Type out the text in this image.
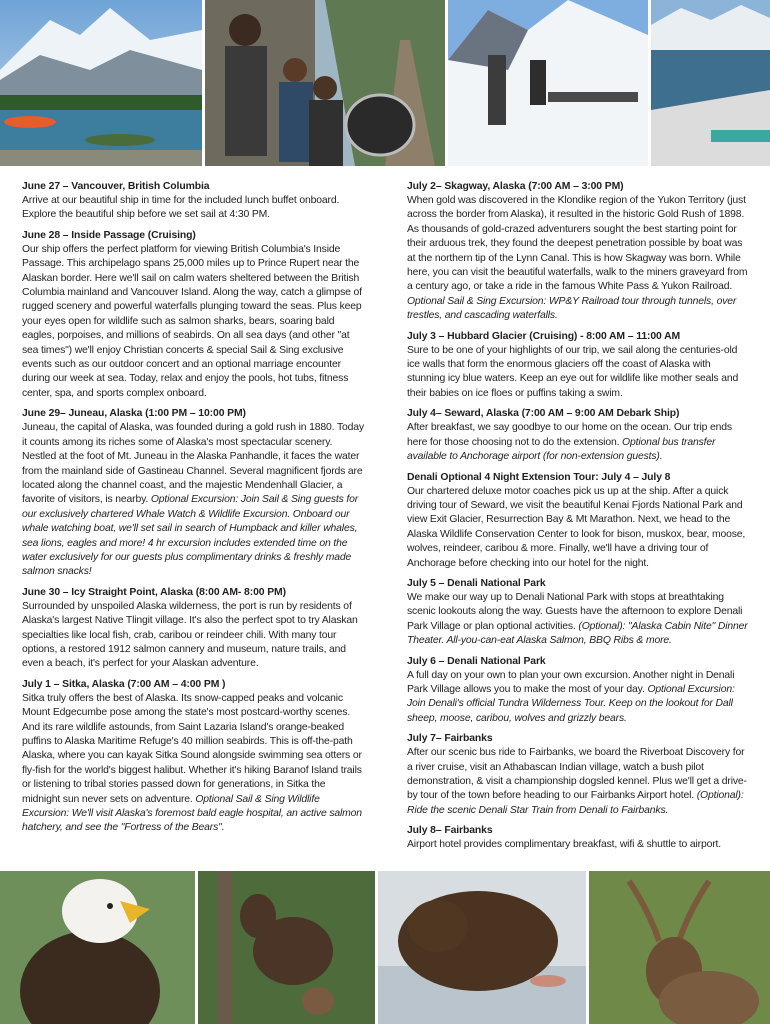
June 27 – Vancouver, British Columbia

Arrive at our beautiful ship in time for the included lunch buffet onboard. Explore the beautiful ship before we set sail at 4:30 PM.

June 28 – Inside Passage (Cruising)

Our ship offers the perfect platform for viewing British Columbia's Inside Passage. This archipelago spans 25,000 miles up to Prince Rupert near the Alaskan border. Here we'll sail on calm waters sheltered between the British Columbia mainland and Vancouver Island. Along the way, catch a glimpse of rugged scenery and powerful waterfalls plunging toward the seas. Plus keep your eyes open for wildlife such as salmon sharks, bears, soaring bald eagles, porpoises, and millions of seabirds. On all sea days (and other "at sea times") we'll enjoy Christian concerts & special Sail & Sing exclusive events such as our outdoor concert and an optional marriage encounter during our week at sea. Today, relax and enjoy the pools, hot tubs, fitness center, spa, and sports complex onboard.

June 29– Juneau, Alaska (1:00 PM – 10:00 PM)

Juneau, the capital of Alaska, was founded during a gold rush in 1880. Today it counts among its riches some of Alaska's most spectacular scenery. Nestled at the foot of Mt. Juneau in the Alaska Panhandle, it faces the water from the mainland side of Gastineau Channel. Several magnificent fjords are located along the channel coast, and the majestic Mendenhall Glacier, a favorite of visitors, is nearby. Optional Excursion: Join Sail & Sing guests for our exclusively chartered Whale Watch & Wildlife Excursion. Onboard our whale watching boat, we'll set sail in search of Humpback and killer whales, sea lions, eagles and more! 4 hr excursion includes extended time on the water exclusively for our guests plus complimentary drinks & freshly made salmon snacks!

June 30 – Icy Straight Point, Alaska (8:00 AM- 8:00 PM)

Surrounded by unspoiled Alaska wilderness, the port is run by residents of Alaska's largest Native Tlingit village. It's also the perfect spot to try Alaskan specialties like local fish, crab, caribou or reindeer chili. With many tour options, a restored 1912 salmon cannery and museum, nature trails, and even a beach, it's perfect for your Alaskan adventure.

July 1 – Sitka, Alaska (7:00 AM – 4:00 PM )

Sitka truly offers the best of Alaska. Its snow-capped peaks and volcanic Mount Edgecumbe pose among the state's most postcard-worthy scenes. And its rare wildlife astounds, from Saint Lazaria Island's orange-beaked puffins to Alaska Maritime Refuge's 40 million seabirds. This is off-the-path Alaska, where you can kayak Sitka Sound alongside swimming sea otters or fly-fish for the world's biggest halibut. Whether it's hiking Baranof Island trails or listening to tribal stories passed down for generations, in Sitka the midnight sun never sets on adventure. Optional Sail & Sing Wildlife Excursion: We'll visit Alaska's foremost bald eagle hospital, an active salmon hatchery, and see the "Fortress of the Bears".

July 2– Skagway, Alaska (7:00 AM – 3:00 PM)

When gold was discovered in the Klondike region of the Yukon Territory (just across the border from Alaska), it resulted in the historic Gold Rush of 1898. As thousands of gold-crazed adventurers sought the best starting point for their arduous trek, they found the deepest penetration possible by boat was at the northern tip of the Lynn Canal. This is how Skagway was born. While here, you can visit the beautiful waterfalls, walk to the miners graveyard from a century ago, or take a ride in the famous White Pass & Yukon Railroad. Optional Sail & Sing Excursion: WP&Y Railroad tour through tunnels, over trestles, and cascading waterfalls.

July 3 – Hubbard Glacier (Cruising) - 8:00 AM – 11:00 AM

Sure to be one of your highlights of our trip, we sail along the centuries-old ice walls that form the enormous glaciers off the coast of Alaska with stunning icy blue waters. Keep an eye out for wildlife like mother seals and their babies on ice floes or puffins taking a swim.

July 4– Seward, Alaska (7:00 AM – 9:00 AM Debark Ship)

After breakfast, we say goodbye to our home on the ocean. Our trip ends here for those choosing not to do the extension. Optional bus transfer available to Anchorage airport (for non-extension guests).

Denali Optional 4 Night Extension Tour: July 4 – July 8

Our chartered deluxe motor coaches pick us up at the ship. After a quick driving tour of Seward, we visit the beautiful Kenai Fjords National Park and view Exit Glacier, Resurrection Bay & Mt Marathon. Next, we head to the Alaska Wildlife Conservation Center to look for bison, muskox, bear, moose, wolves, reindeer, caribou & more. Finally, we'll have a driving tour of Anchorage before checking into our hotel for the night.

July 5 – Denali National Park

We make our way up to Denali National Park with stops at breathtaking scenic lookouts along the way. Guests have the afternoon to explore Denali Park Village or plan optional activities. (Optional): "Alaska Cabin Nite" Dinner Theater. All-you-can-eat Alaska Salmon, BBQ Ribs & more.

July 6 – Denali National Park

A full day on your own to plan your own excursion. Another night in Denali Park Village allows you to make the most of your day. Optional Excursion: Join Denali's official Tundra Wilderness Tour. Keep on the lookout for Dall sheep, moose, caribou, wolves and grizzly bears.

July 7– Fairbanks

After our scenic bus ride to Fairbanks, we board the Riverboat Discovery for a river cruise, visit an Athabascan Indian village, watch a bush pilot demonstration, & visit a championship dogsled kennel. Plus we'll get a drive-by tour of the town before heading to our Fairbanks Airport hotel. (Optional): Ride the scenic Denali Star Train from Denali to Fairbanks.

July 8– Fairbanks

Airport hotel provides complimentary breakfast, wifi & shuttle to airport.
